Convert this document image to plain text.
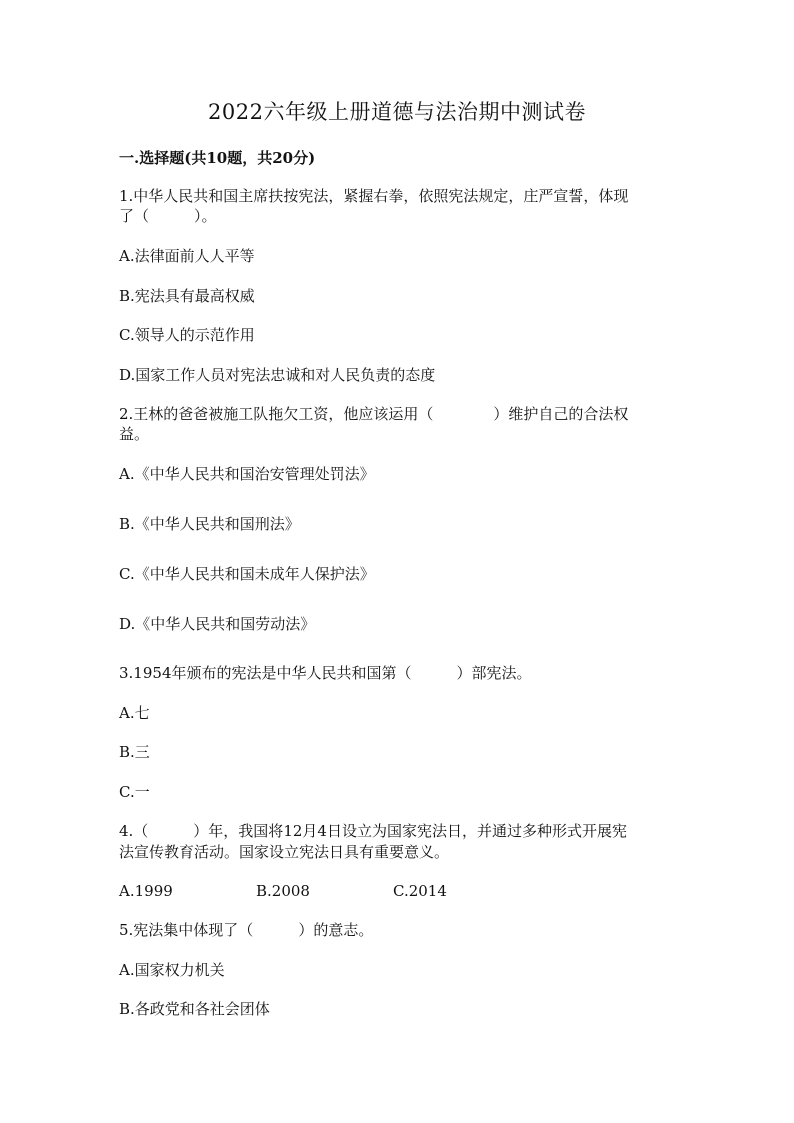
2022六年级上册道德与法治期中测试卷
一.选择题(共10题，共20分)
1.中华人民共和国主席扶按宪法，紧握右拳，依照宪法规定，庄严宣誓，体现
了（　　　）。
A.法律面前人人平等
B.宪法具有最高权威
C.领导人的示范作用
D.国家工作人员对宪法忠诚和对人民负责的态度
2.王林的爸爸被施工队拖欠工资，他应该运用（　　　　）维护自己的合法权
益。
A.《中华人民共和国治安管理处罚法》
B.《中华人民共和国刑法》
C.《中华人民共和国未成年人保护法》
D.《中华人民共和国劳动法》
3.1954年颁布的宪法是中华人民共和国第（　　　）部宪法。
A.七
B.三
C.一
4.（　　　）年，我国将12月4日设立为国家宪法日，并通过多种形式开展宪
法宣传教育活动。国家设立宪法日具有重要意义。
A.1999	B.2008	C.2014
5.宪法集中体现了（　　　）的意志。
A.国家权力机关
B.各政党和各社会团体
